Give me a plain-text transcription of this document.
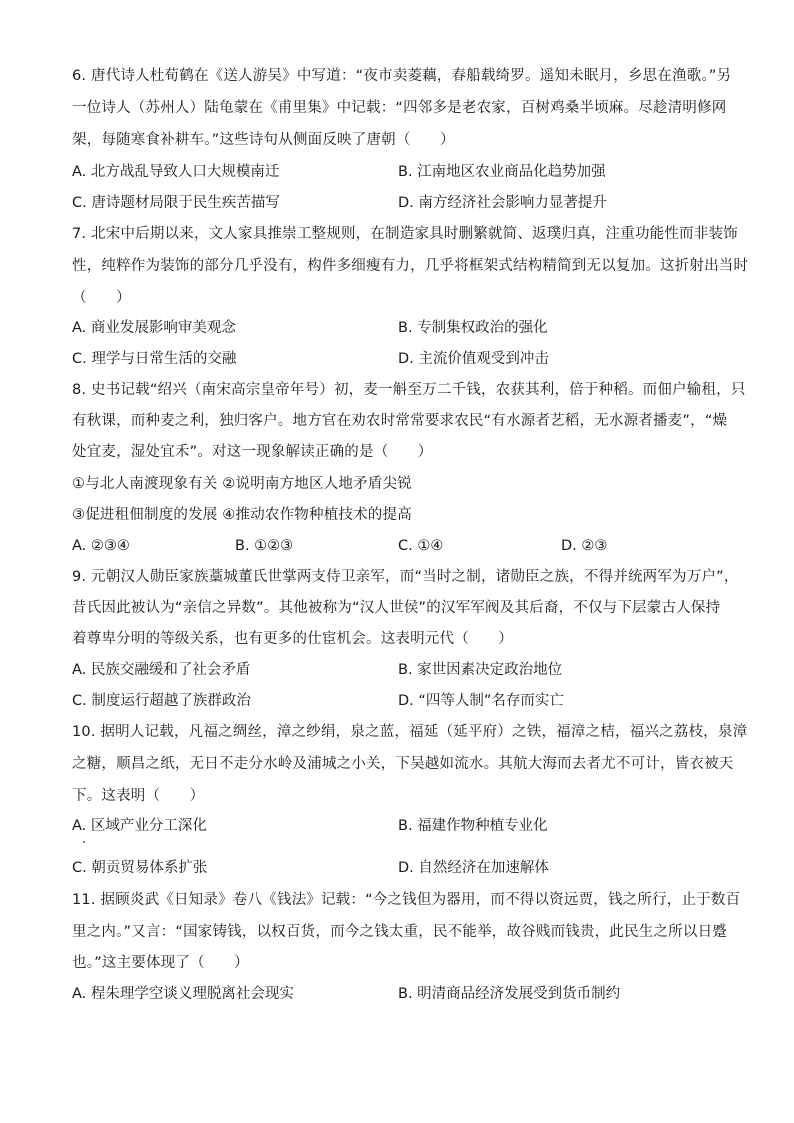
6. 唐代诗人杜荀鹤在《送人游吴》中写道：“夜市卖菱藕，春船载绮罗。遥知未眠月，乡思在渔歌。”另
一位诗人（苏州人）陆龟蒙在《甫里集》中记载：“四邻多是老农家，百树鸡桑半顷麻。尽趁清明修网
架，每随寒食补耕车。”这些诗句从侧面反映了唐朝（　　）
A. 北方战乱导致人口大规模南迁	B. 江南地区农业商品化趋势加强
C. 唐诗题材局限于民生疾苦描写	D. 南方经济社会影响力显著提升
7. 北宋中后期以来，文人家具推崇工整规则，在制造家具时删繁就简、返璞归真，注重功能性而非装饰
性，纯粹作为装饰的部分几乎没有，构件多细瘦有力，几乎将框架式结构精简到无以复加。这折射出当时
（　　）
A. 商业发展影响审美观念	B. 专制集权政治的强化
C. 理学与日常生活的交融	D. 主流价值观受到冲击
8. 史书记载“绍兴（南宋高宗皇帝年号）初，麦一斛至万二千钱，农获其利，倍于种稻。而佃户输租，只
有秋课，而种麦之利，独归客户。地方官在劝农时常常要求农民“有水源者艺稻，无水源者播麦”，“燥
处宜麦，湿处宜禾”。对这一现象解读正确的是（　　）
①与北人南渡现象有关 ②说明南方地区人地矛盾尖锐
③促进租佃制度的发展 ④推动农作物种植技术的提高
A. ②③④	B. ①②③	C. ①④	D. ②③
9. 元朝汉人勋臣家族藁城董氏世掌两支侍卫亲军，而“当时之制，诸勋臣之族，不得并统两军为万户”，
昔氏因此被认为“亲信之异数”。其他被称为“汉人世侯”的汉军军阀及其后裔，不仅与下层蒙古人保持
着尊卑分明的等级关系，也有更多的仕宦机会。这表明元代（　　）
A. 民族交融缓和了社会矛盾	B. 家世因素决定政治地位
C. 制度运行超越了族群政治	D. “四等人制”名存而实亡
10. 据明人记载，凡福之绸丝，漳之纱绢，泉之蓝，福延（延平府）之铁，福漳之桔，福兴之荔枝，泉漳
之糖，顺昌之纸，无日不走分水岭及浦城之小关，下吴越如流水。其航大海而去者尤不可计，皆衣被天
下。这表明（　　）
A. 区域产业分工深化	B. 福建作物种植专业化
C. 朝贡贸易体系扩张	D. 自然经济在加速解体
11. 据顾炎武《日知录》卷八《钱法》记载：“今之钱但为器用，而不得以资远贾，钱之所行，止于数百
里之内。”又言：“国家铸钱，以权百货，而今之钱太重，民不能举，故谷贱而钱贵，此民生之所以日蹙
也。”这主要体现了（　　）
A. 程朱理学空谈义理脱离社会现实	B. 明清商品经济发展受到货币制约
